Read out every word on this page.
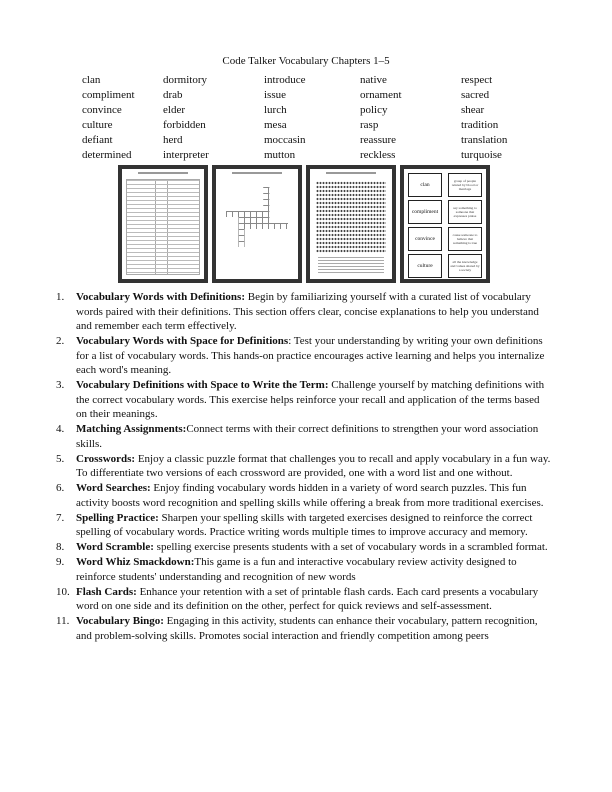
Code Talker Vocabulary Chapters 1–5
clan	dormitory	introduce	native	respect
compliment	drab	issue	ornament	sacred
convince	elder	lurch	policy	shear
culture	forbidden	mesa	rasp	tradition
defiant	herd	moccasin	reassure	translation
determined	interpreter	mutton	reckless	turquoise
clan
group of people related by blood or marriage
compliment
say something to someone that expresses praise
convince
cause someone to believe that something is true
culture
all the knowledge and values shared by a society
1. Vocabulary Words with Definitions: Begin by familiarizing yourself with a curated list of vocabulary words paired with their definitions. This section offers clear, concise explanations to help you understand and remember each term effectively.
2. Vocabulary Words with Space for Definitions: Test your understanding by writing your own definitions for a list of vocabulary words. This hands-on practice encourages active learning and helps you internalize each word's meaning.
3. Vocabulary Definitions with Space to Write the Term: Challenge yourself by matching definitions with the correct vocabulary words. This exercise helps reinforce your recall and application of the terms based on their meanings.
4. Matching Assignments:Connect terms with their correct definitions to strengthen your word association skills.
5. Crosswords: Enjoy a classic puzzle format that challenges you to recall and apply vocabulary in a fun way. To differentiate two versions of each crossword are provided, one with a word list and one without.
6. Word Searches: Enjoy finding vocabulary words hidden in a variety of word search puzzles. This fun activity boosts word recognition and spelling skills while offering a break from more traditional exercises.
7. Spelling Practice: Sharpen your spelling skills with targeted exercises designed to reinforce the correct spelling of vocabulary words. Practice writing words multiple times to improve accuracy and memory.
8. Word Scramble: spelling exercise presents students with a set of vocabulary words in a scrambled format.
9. Word Whiz Smackdown:This game is a fun and interactive vocabulary review activity designed to reinforce students' understanding and recognition of new words
10. Flash Cards: Enhance your retention with a set of printable flash cards. Each card presents a vocabulary word on one side and its definition on the other, perfect for quick reviews and self-assessment.
11. Vocabulary Bingo: Engaging in this activity, students can enhance their vocabulary, pattern recognition, and problem-solving skills. Promotes social interaction and friendly competition among peers
